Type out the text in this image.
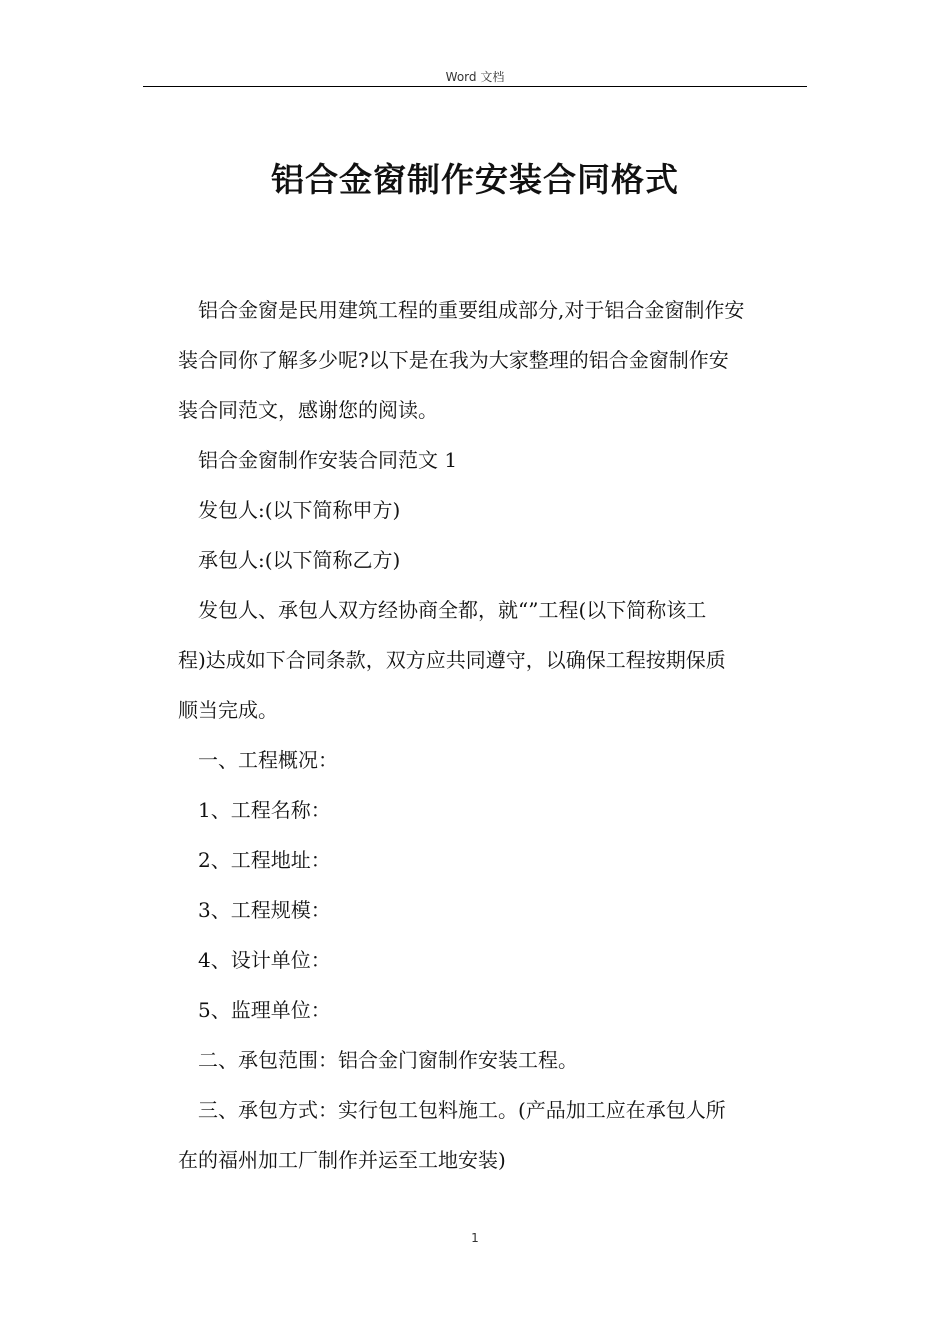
Word 文档
铝合金窗制作安装合同格式
铝合金窗是民用建筑工程的重要组成部分,对于铝合金窗制作安
装合同你了解多少呢?以下是在我为大家整理的铝合金窗制作安
装合同范文，感谢您的阅读。
铝合金窗制作安装合同范文 1
发包人:(以下简称甲方)
承包人:(以下简称乙方)
发包人、承包人双方经协商全都，就“”工程(以下简称该工
程)达成如下合同条款，双方应共同遵守，以确保工程按期保质
顺当完成。
一、工程概况：
1、工程名称：
2、工程地址：
3、工程规模：
4、设计单位：
5、监理单位：
二、承包范围：铝合金门窗制作安装工程。
三、承包方式：实行包工包料施工。(产品加工应在承包人所
在的福州加工厂制作并运至工地安装)
1
